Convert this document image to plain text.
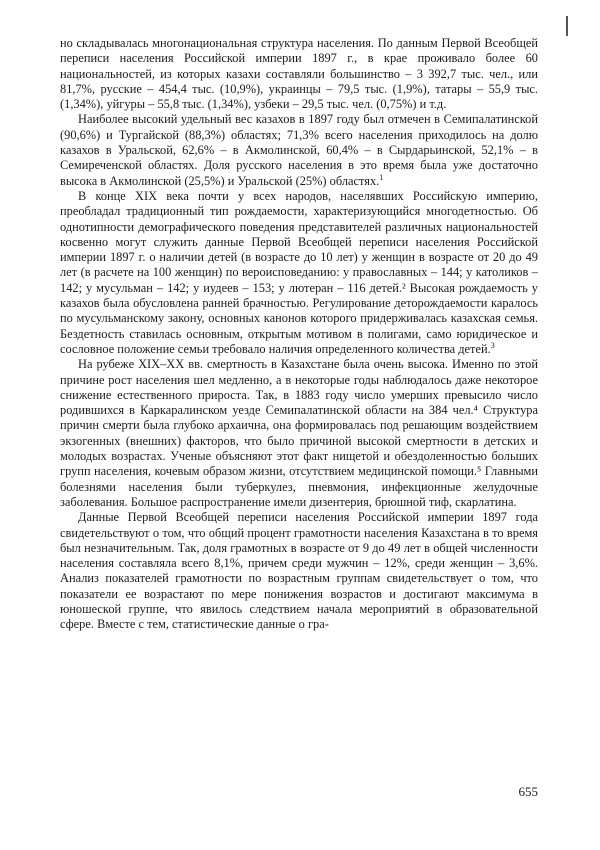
но складывалась многонациональная структура населения. По данным Первой Всеобщей переписи населения Российской империи 1897 г., в крае проживало более 60 национальностей, из которых казахи составляли большинство – 3 392,7 тыс. чел., или 81,7%, русские – 454,4 тыс. (10,9%), украинцы – 79,5 тыс. (1,9%), татары – 55,9 тыс. (1,34%), уйгуры – 55,8 тыс. (1,34%), узбеки – 29,5 тыс. чел. (0,75%) и т.д.

Наиболее высокий удельный вес казахов в 1897 году был отмечен в Семипалатинской (90,6%) и Тургайской (88,3%) областях; 71,3% всего населения приходилось на долю казахов в Уральской, 62,6% – в Акмолинской, 60,4% – в Сырдарьинской, 52,1% – в Семиреченской областях. Доля русского населения в это время была уже достаточно высока в Акмолинской (25,5%) и Уральской (25%) областях.$^1$

В конце XIX века почти у всех народов, населявших Российскую империю, преобладал традиционный тип рождаемости, характеризующийся многодетностью. Об однотипности демографического поведения представителей различных национальностей косвенно могут служить данные Первой Всеобщей переписи населения Российской империи 1897 г. о наличии детей (в возрасте до 10 лет) у женщин в возрасте от 20 до 49 лет (в расчете на 100 женщин) по вероисповеданию: у православных – 144; у католиков – 142; у мусульман – 142; у иудеев – 153; у лютеран – 116 детей.² Высокая рождаемость у казахов была обусловлена ранней брачностью. Регулирование деторождаемости каралось по мусульманскому закону, основных канонов которого придерживалась казахская семья. Бездетность ставилась основным, открытым мотивом в полигами, само юридическое и сословное положение семьи требовало наличия определенного количества детей.$^3$

На рубеже XIX–XX вв. смертность в Казахстане была очень высока. Именно по этой причине рост населения шел медленно, а в некоторые годы наблюдалось даже некоторое снижение естественного прироста. Так, в 1883 году число умерших превысило число родившихся в Каркаралинском уезде Семипалатинской области на 384 чел.⁴ Структура причин смерти была глубоко архаична, она формировалась под решающим воздействием экзогенных (внешних) факторов, что было причиной высокой смертности в детских и молодых возрастах. Ученые объясняют этот факт нищетой и обездоленностью больших групп населения, кочевым образом жизни, отсутствием медицинской помощи.⁵ Главными болезнями населения были туберкулез, пневмония, инфекционные желудочные заболевания. Большое распространение имели дизентерия, брюшной тиф, скарлатина.

Данные Первой Всеобщей переписи населения Российской империи 1897 года свидетельствуют о том, что общий процент грамотности населения Казахстана в то время был незначительным. Так, доля грамотных в возрасте от 9 до 49 лет в общей численности населения составляла всего 8,1%, причем среди мужчин – 12%, среди женщин – 3,6%. Анализ показателей грамотности по возрастным группам свидетельствует о том, что показатели ее возрастают по мере понижения возрастов и достигают максимума в юношеской группе, что явилось следствием начала мероприятий в образовательной сфере. Вместе с тем, статистические данные о гра-

655
